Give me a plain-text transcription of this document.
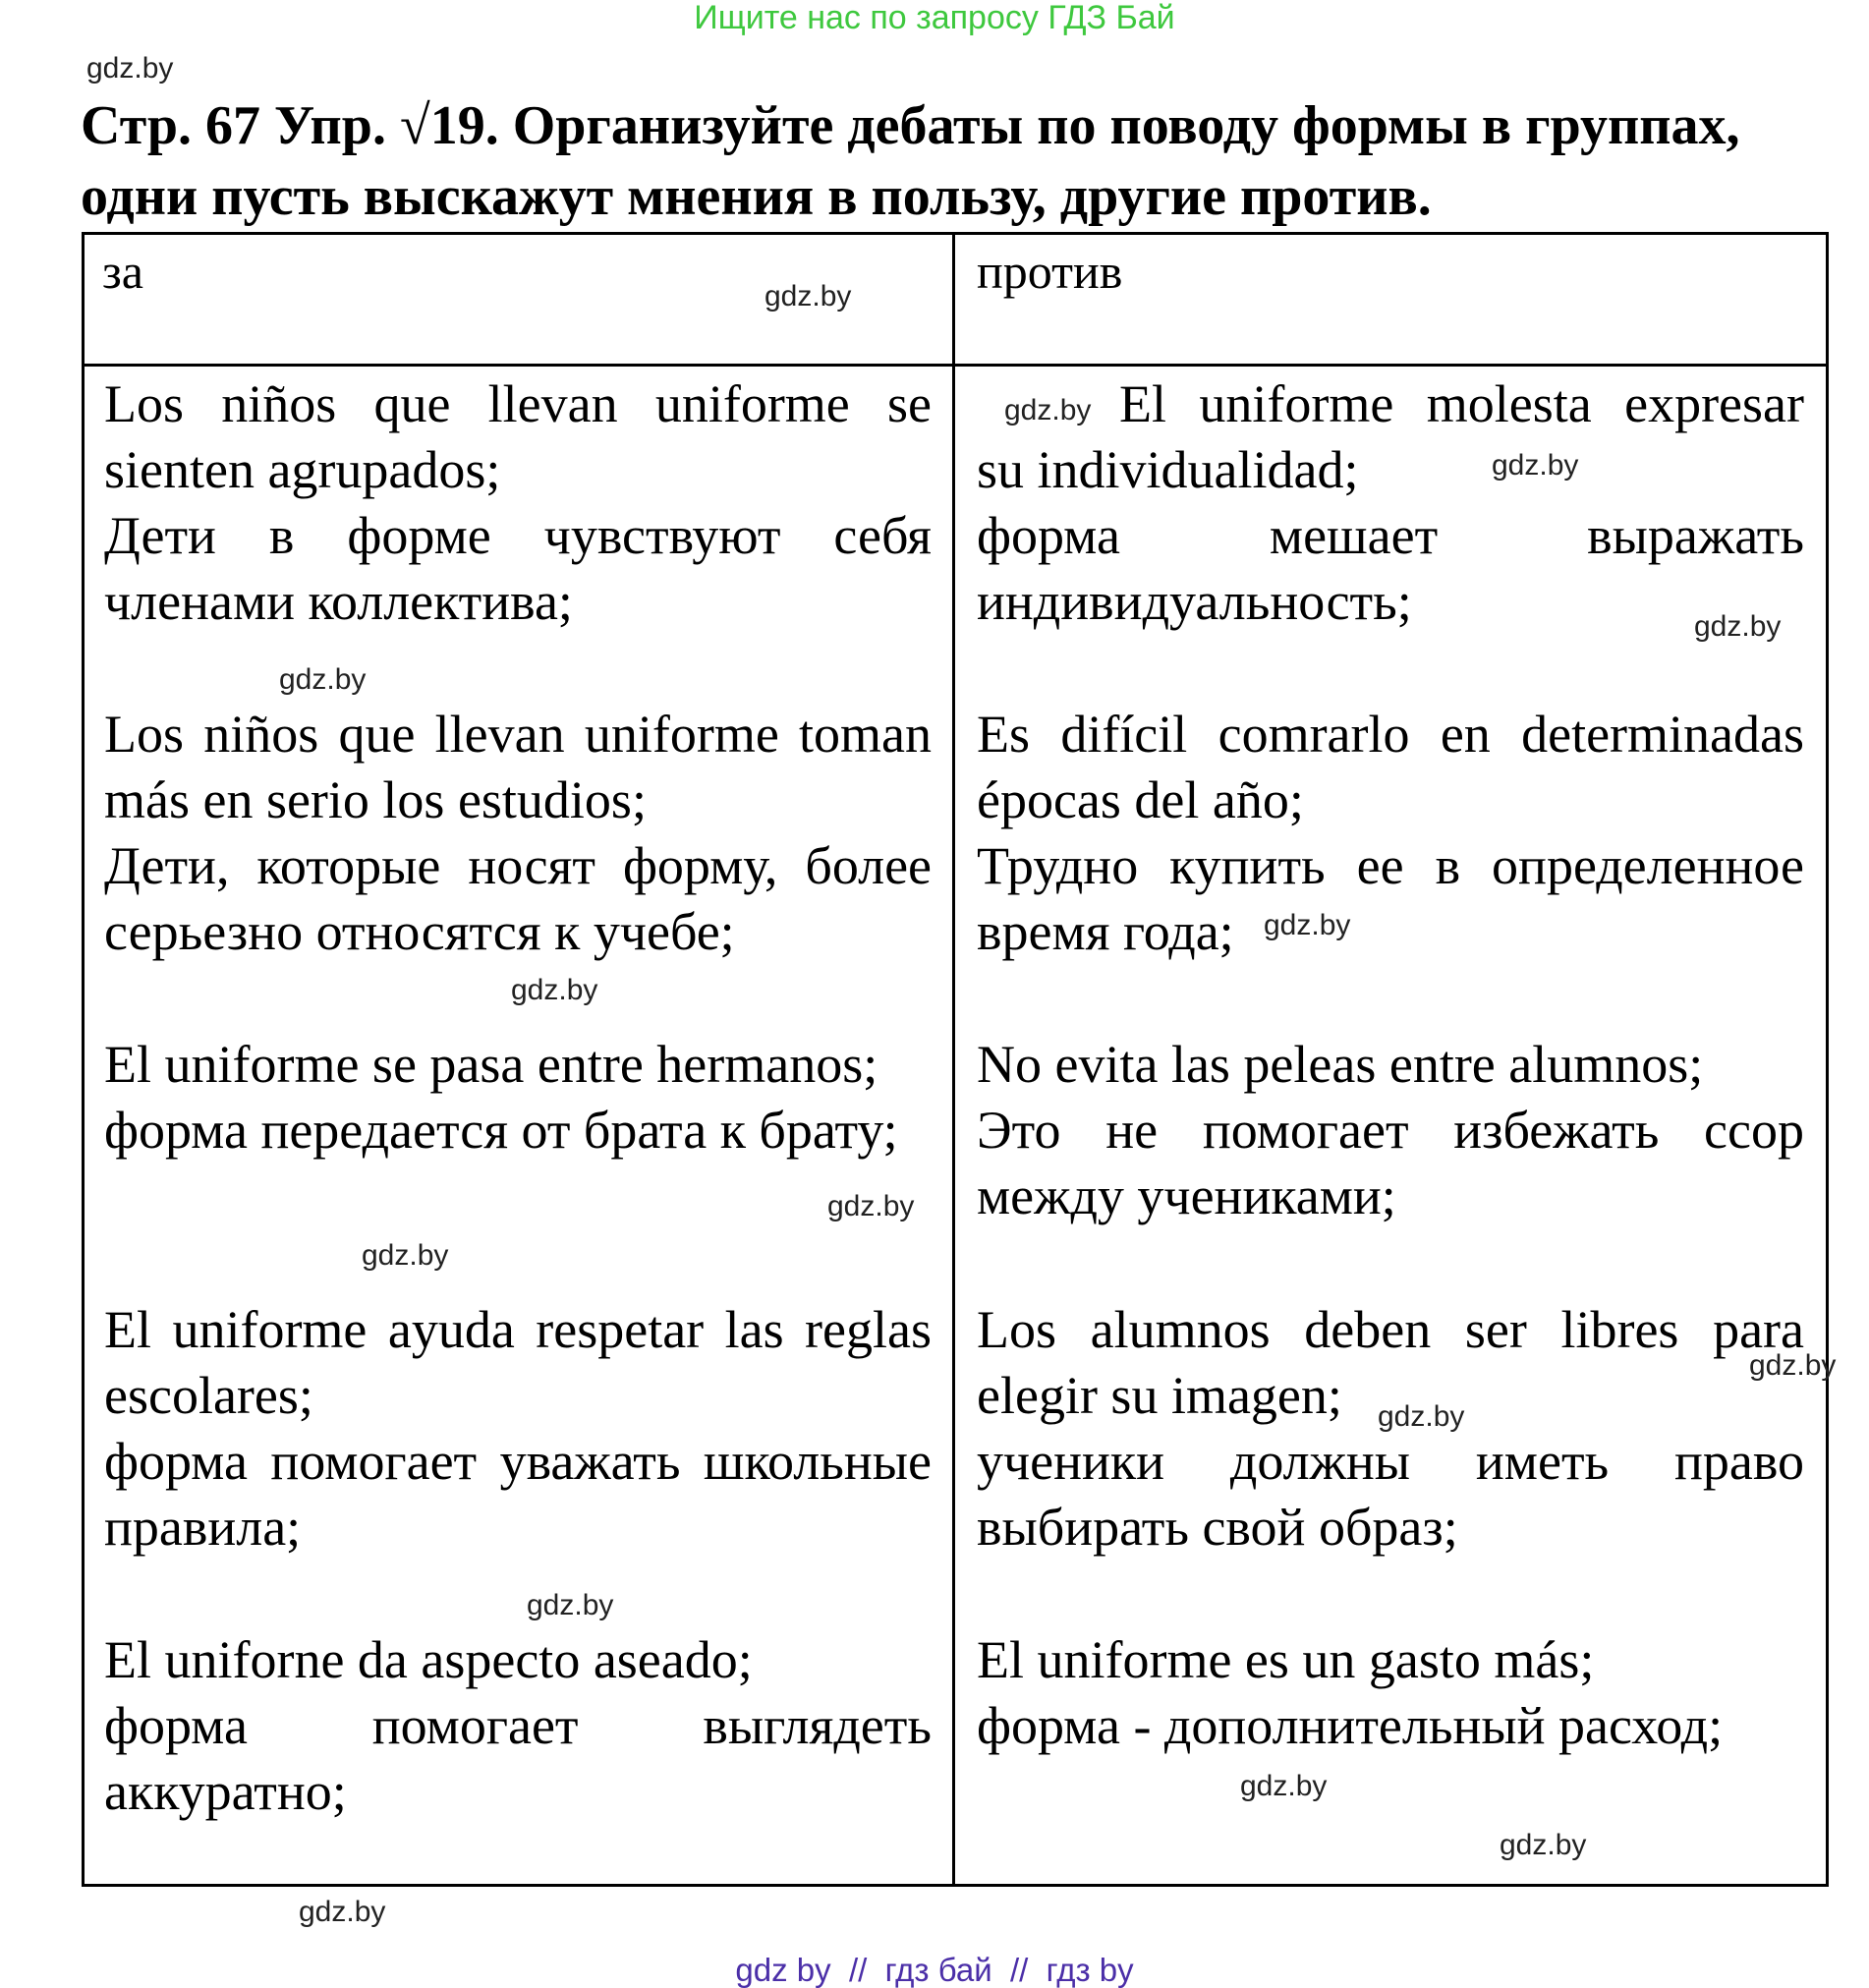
Ищите нас по запросу ГДЗ Бай
gdz.by
Стр. 67 Упр. √19. Организуйте дебаты по поводу формы в группах,
одни пусть выскажут мнения в пользу, другие против.
за	против
Los niños que llevan uniforme se sienten agrupados;
Дети в форме чувствуют себя членами коллектива;
El uniforme molesta expresar su individualidad;
форма мешает выражать индивидуальность;
Los niños que llevan uniforme toman más en serio los estudios;
Дети, которые носят форму, более серьезно относятся к учебе;
Es difícil comrarlo en determinadas épocas del año;
Трудно купить ее в определенное время года;
El uniforme se pasa entre hermanos;
форма передается от брата к брату;
No evita las peleas entre alumnos;
Это не помогает избежать ссор между учениками;
El uniforme ayuda respetar las reglas escolares;
форма помогает уважать школьные правила;
Los alumnos deben ser libres para elegir su imagen;
ученики должны иметь право выбирать свой образ;
El uniforne da aspecto aseado;
форма помогает выглядеть аккуратно;
El uniforme es un gasto más;
форма - дополнительный расход;
gdz.by
gdz.by
gdz.by
gdz.by
gdz.by
gdz.by
gdz.by
gdz.by
gdz.by
gdz.by
gdz.by
gdz.by
gdz.by
gdz.by
gdz.by
gdz by  //  гдз бай  //  гдз by
